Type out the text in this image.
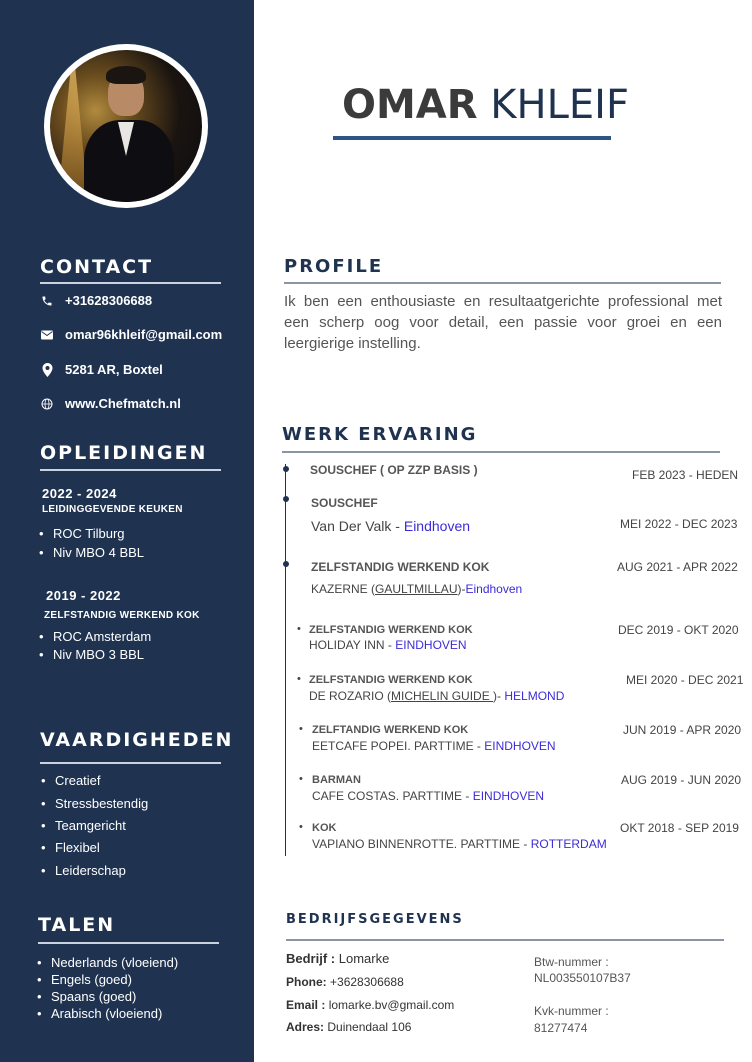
CONTACT
+31628306688
omar96khleif@gmail.com
5281 AR, Boxtel
www.Chefmatch.nl
OPLEIDINGEN
2022 - 2024
LEIDINGGEVENDE KEUKEN
• ROC Tilburg
• Niv MBO 4 BBL
2019 - 2022
ZELFSTANDIG WERKEND KOK
• ROC Amsterdam
• Niv MBO 3 BBL
VAARDIGHEDEN
• Creatief
• Stressbestendig
• Teamgericht
• Flexibel
• Leiderschap
TALEN
• Nederlands (vloeiend)
• Engels (goed)
• Spaans (goed)
• Arabisch (vloeiend)
OMAR KHLEIF
PROFILE
Ik ben een enthousiaste en resultaatgerichte professional met een scherp oog voor detail, een passie voor groei en een leergierige instelling.
WERK ERVARING
SOUSCHEF ( OP ZZP BASIS )	FEB 2023 - HEDEN
SOUSCHEF
Van Der Valk - Eindhoven	MEI 2022 - DEC 2023
ZELFSTANDIG WERKEND KOK
KAZERNE (GAULTMILLAU)-Eindhoven
AUG 2021 - APR 2022
• ZELFSTANDIG WERKEND KOK
HOLIDAY INN - EINDHOVEN
DEC 2019 - OKT 2020
• ZELFSTANDIG WERKEND KOK
DE ROZARIO (MICHELIN GUIDE )- HELMOND
MEI 2020 - DEC 2021
• ZELFTANDIG WERKEND KOK
EETCAFE POPEI. PARTTIME - EINDHOVEN
JUN 2019 - APR 2020
• BARMAN
CAFE COSTAS. PARTTIME - EINDHOVEN
AUG 2019 - JUN 2020
• KOK
VAPIANO BINNENROTTE. PARTTIME - ROTTERDAM
OKT 2018 - SEP 2019
BEDRIJFSGEGEVENS
Bedrijf : Lomarke
Phone: +3628306688
Email : lomarke.bv@gmail.com
Adres: Duinendaal 106
Btw-nummer :
NL003550107B37
Kvk-nummer :
81277474
